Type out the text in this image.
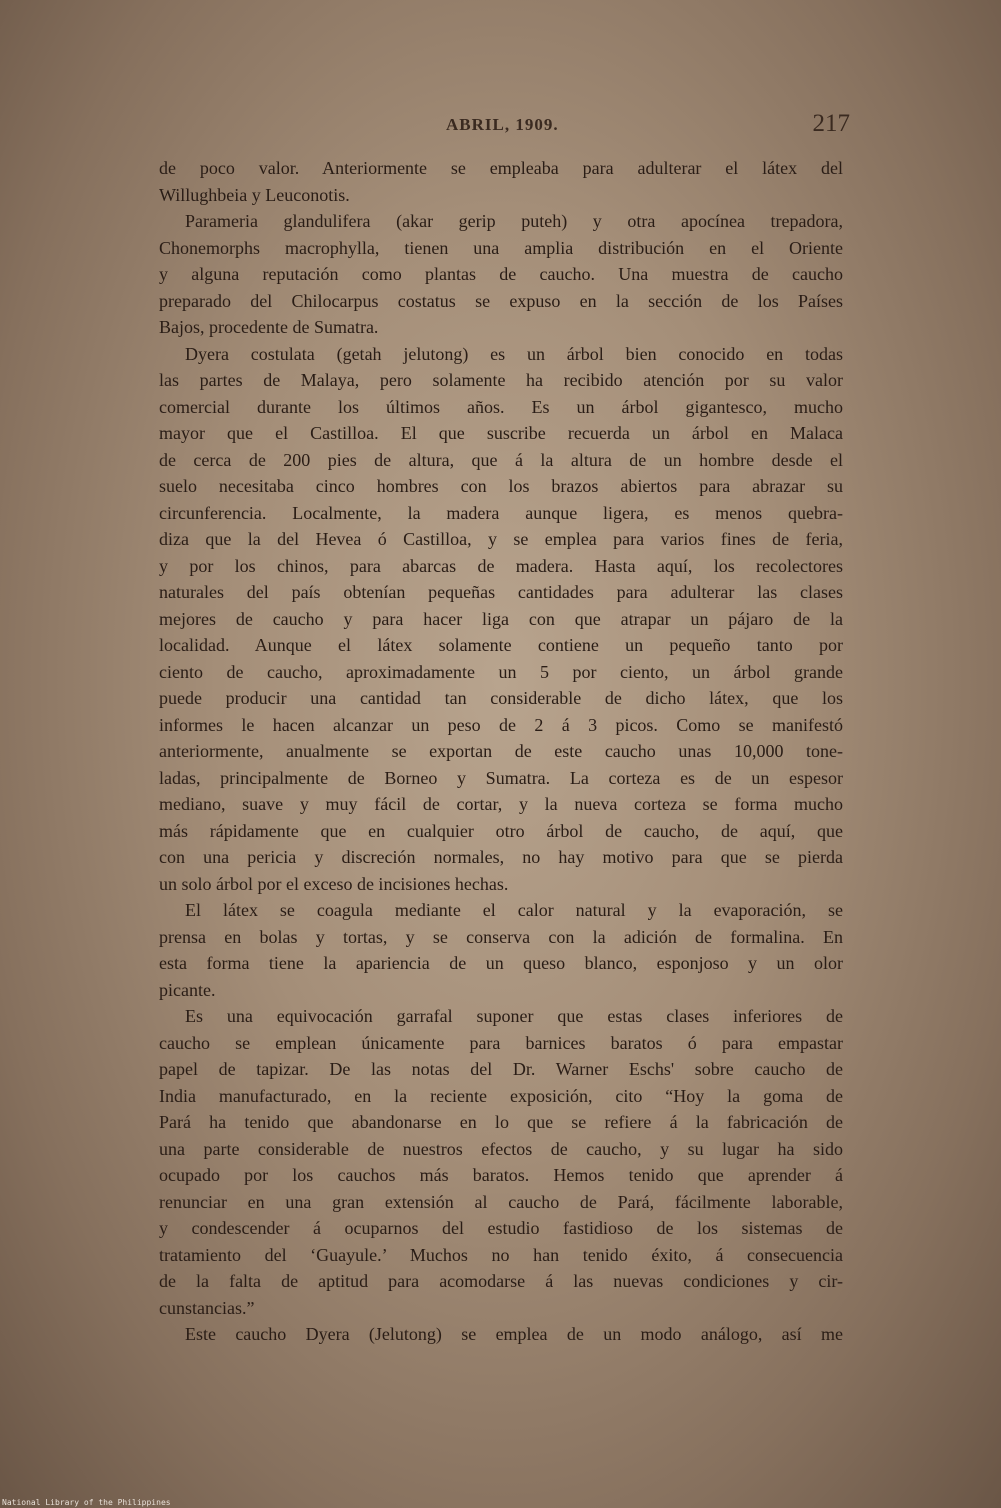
ABRIL, 1909.	217
de poco valor. Anteriormente se empleaba para adulterar el látex del
Willughbeia y Leuconotis.
Parameria glandulifera (akar gerip puteh) y otra apocínea trepadora,
Chonemorphs macrophylla, tienen una amplia distribución en el Oriente
y alguna reputación como plantas de caucho. Una muestra de caucho
preparado del Chilocarpus costatus se expuso en la sección de los Países
Bajos, procedente de Sumatra.
Dyera costulata (getah jelutong) es un árbol bien conocido en todas
las partes de Malaya, pero solamente ha recibido atención por su valor
comercial durante los últimos años. Es un árbol gigantesco, mucho
mayor que el Castilloa. El que suscribe recuerda un árbol en Malaca
de cerca de 200 pies de altura, que á la altura de un hombre desde el
suelo necesitaba cinco hombres con los brazos abiertos para abrazar su
circunferencia. Localmente, la madera aunque ligera, es menos quebra-
diza que la del Hevea ó Castilloa, y se emplea para varios fines de feria,
y por los chinos, para abarcas de madera. Hasta aquí, los recolectores
naturales del país obtenían pequeñas cantidades para adulterar las clases
mejores de caucho y para hacer liga con que atrapar un pájaro de la
localidad. Aunque el látex solamente contiene un pequeño tanto por
ciento de caucho, aproximadamente un 5 por ciento, un árbol grande
puede producir una cantidad tan considerable de dicho látex, que los
informes le hacen alcanzar un peso de 2 á 3 picos. Como se manifestó
anteriormente, anualmente se exportan de este caucho unas 10,000 tone-
ladas, principalmente de Borneo y Sumatra. La corteza es de un espesor
mediano, suave y muy fácil de cortar, y la nueva corteza se forma mucho
más rápidamente que en cualquier otro árbol de caucho, de aquí, que
con una pericia y discreción normales, no hay motivo para que se pierda
un solo árbol por el exceso de incisiones hechas.
El látex se coagula mediante el calor natural y la evaporación, se
prensa en bolas y tortas, y se conserva con la adición de formalina. En
esta forma tiene la apariencia de un queso blanco, esponjoso y un olor
picante.
Es una equivocación garrafal suponer que estas clases inferiores de
caucho se emplean únicamente para barnices baratos ó para empastar
papel de tapizar. De las notas del Dr. Warner Eschs' sobre caucho de
India manufacturado, en la reciente exposición, cito “Hoy la goma de
Pará ha tenido que abandonarse en lo que se refiere á la fabricación de
una parte considerable de nuestros efectos de caucho, y su lugar ha sido
ocupado por los cauchos más baratos. Hemos tenido que aprender á
renunciar en una gran extensión al caucho de Pará, fácilmente laborable,
y condescender á ocuparnos del estudio fastidioso de los sistemas de
tratamiento del ‘Guayule.’ Muchos no han tenido éxito, á consecuencia
de la falta de aptitud para acomodarse á las nuevas condiciones y cir-
cunstancias.”
Este caucho Dyera (Jelutong) se emplea de un modo análogo, así me
National Library of the Philippines
